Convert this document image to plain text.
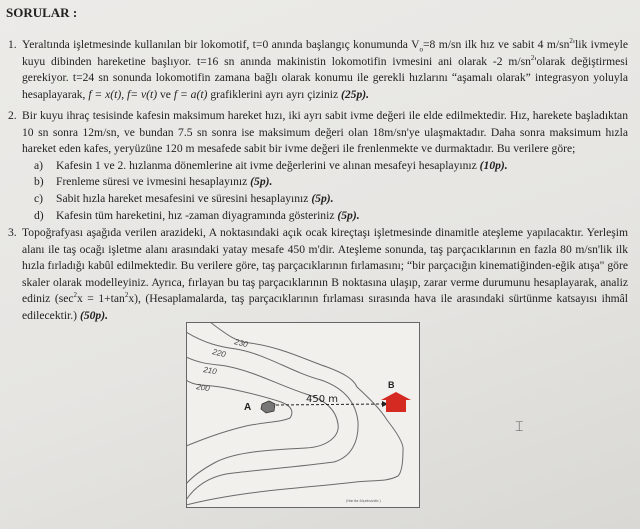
SORULAR :
1. Yeraltında işletmesinde kullanılan bir lokomotif, t=0 anında başlangıç konumunda $V_o=8$ m/sn ilk hız ve sabit 4 $m/sn^2'lik$ ivmeyle kuyu dibinden hareketine başlıyor. t=16 sn anında makinistin lokomotifin ivmesini ani olarak -2 $m/sn^2'olarak$ değiştirmesi gerekiyor. t=24 sn sonunda lokomotifin zamana bağlı olarak konumu ile gerekli hızlarını “aşamalı olarak” integrasyon yoluyla hesaplayarak, f = x(t), f= v(t) ve f = a(t) grafiklerini ayrı ayrı çiziniz (25p).
2. Bir kuyu ihraç tesisinde kafesin maksimum hareket hızı, iki ayrı sabit ivme değeri ile elde edilmektedir. Hız, harekete başladıktan 10 sn sonra 12m/sn, ve bundan 7.5 sn sonra ise maksimum değeri olan 18m/sn'ye ulaşmaktadır. Daha sonra maksimum hızla hareket eden kafes, yeryüzüne 120 m mesafede sabit bir ivme değeri ile frenlenmekte ve durmaktadır. Bu verilere göre;
a) Kafesin 1 ve 2. hızlanma dönemlerine ait ivme değerlerini ve alınan mesafeyi hesaplayınız (10p).
b) Frenleme süresi ve ivmesini hesaplayınız (5p).
c) Sabit hızla hareket mesafesini ve süresini hesaplayınız (5p).
d) Kafesin tüm hareketini, hız -zaman diyagramında gösteriniz (5p).
3. Topoğrafyası aşağıda verilen arazideki, A noktasındaki açık ocak kireçtaşı işletmesinde dinamitle ateşleme yapılacaktır. Yerleşim alanı ile taş ocağı işletme alanı arasındaki yatay mesafe 450 m'dir. Ateşleme sonunda, taş parçacıklarının en fazla 80 m/sn'lik ilk hızla fırladığı kabûl edilmektedir. Bu verilere göre, taş parçacıklarının fırlamasını; “bir parçacığın kinematiğinden-eğik atışa" göre skaler olarak modelleyiniz. Ayrıca, fırlayan bu taş parçacıklarının B noktasına ulaşıp, zarar verme durumunu hesaplayarak, analiz ediniz $(\sec^2x = 1+\tan^2x)$, (Hesaplamalarda, taş parçacıklarının fırlaması sırasında hava ile arasındaki sürtünme katsayısı ihmâl edilecektir.) (50p).
230
220
210
200
A
450 m
B
(Harita ölçeksizdir.)
⌶
